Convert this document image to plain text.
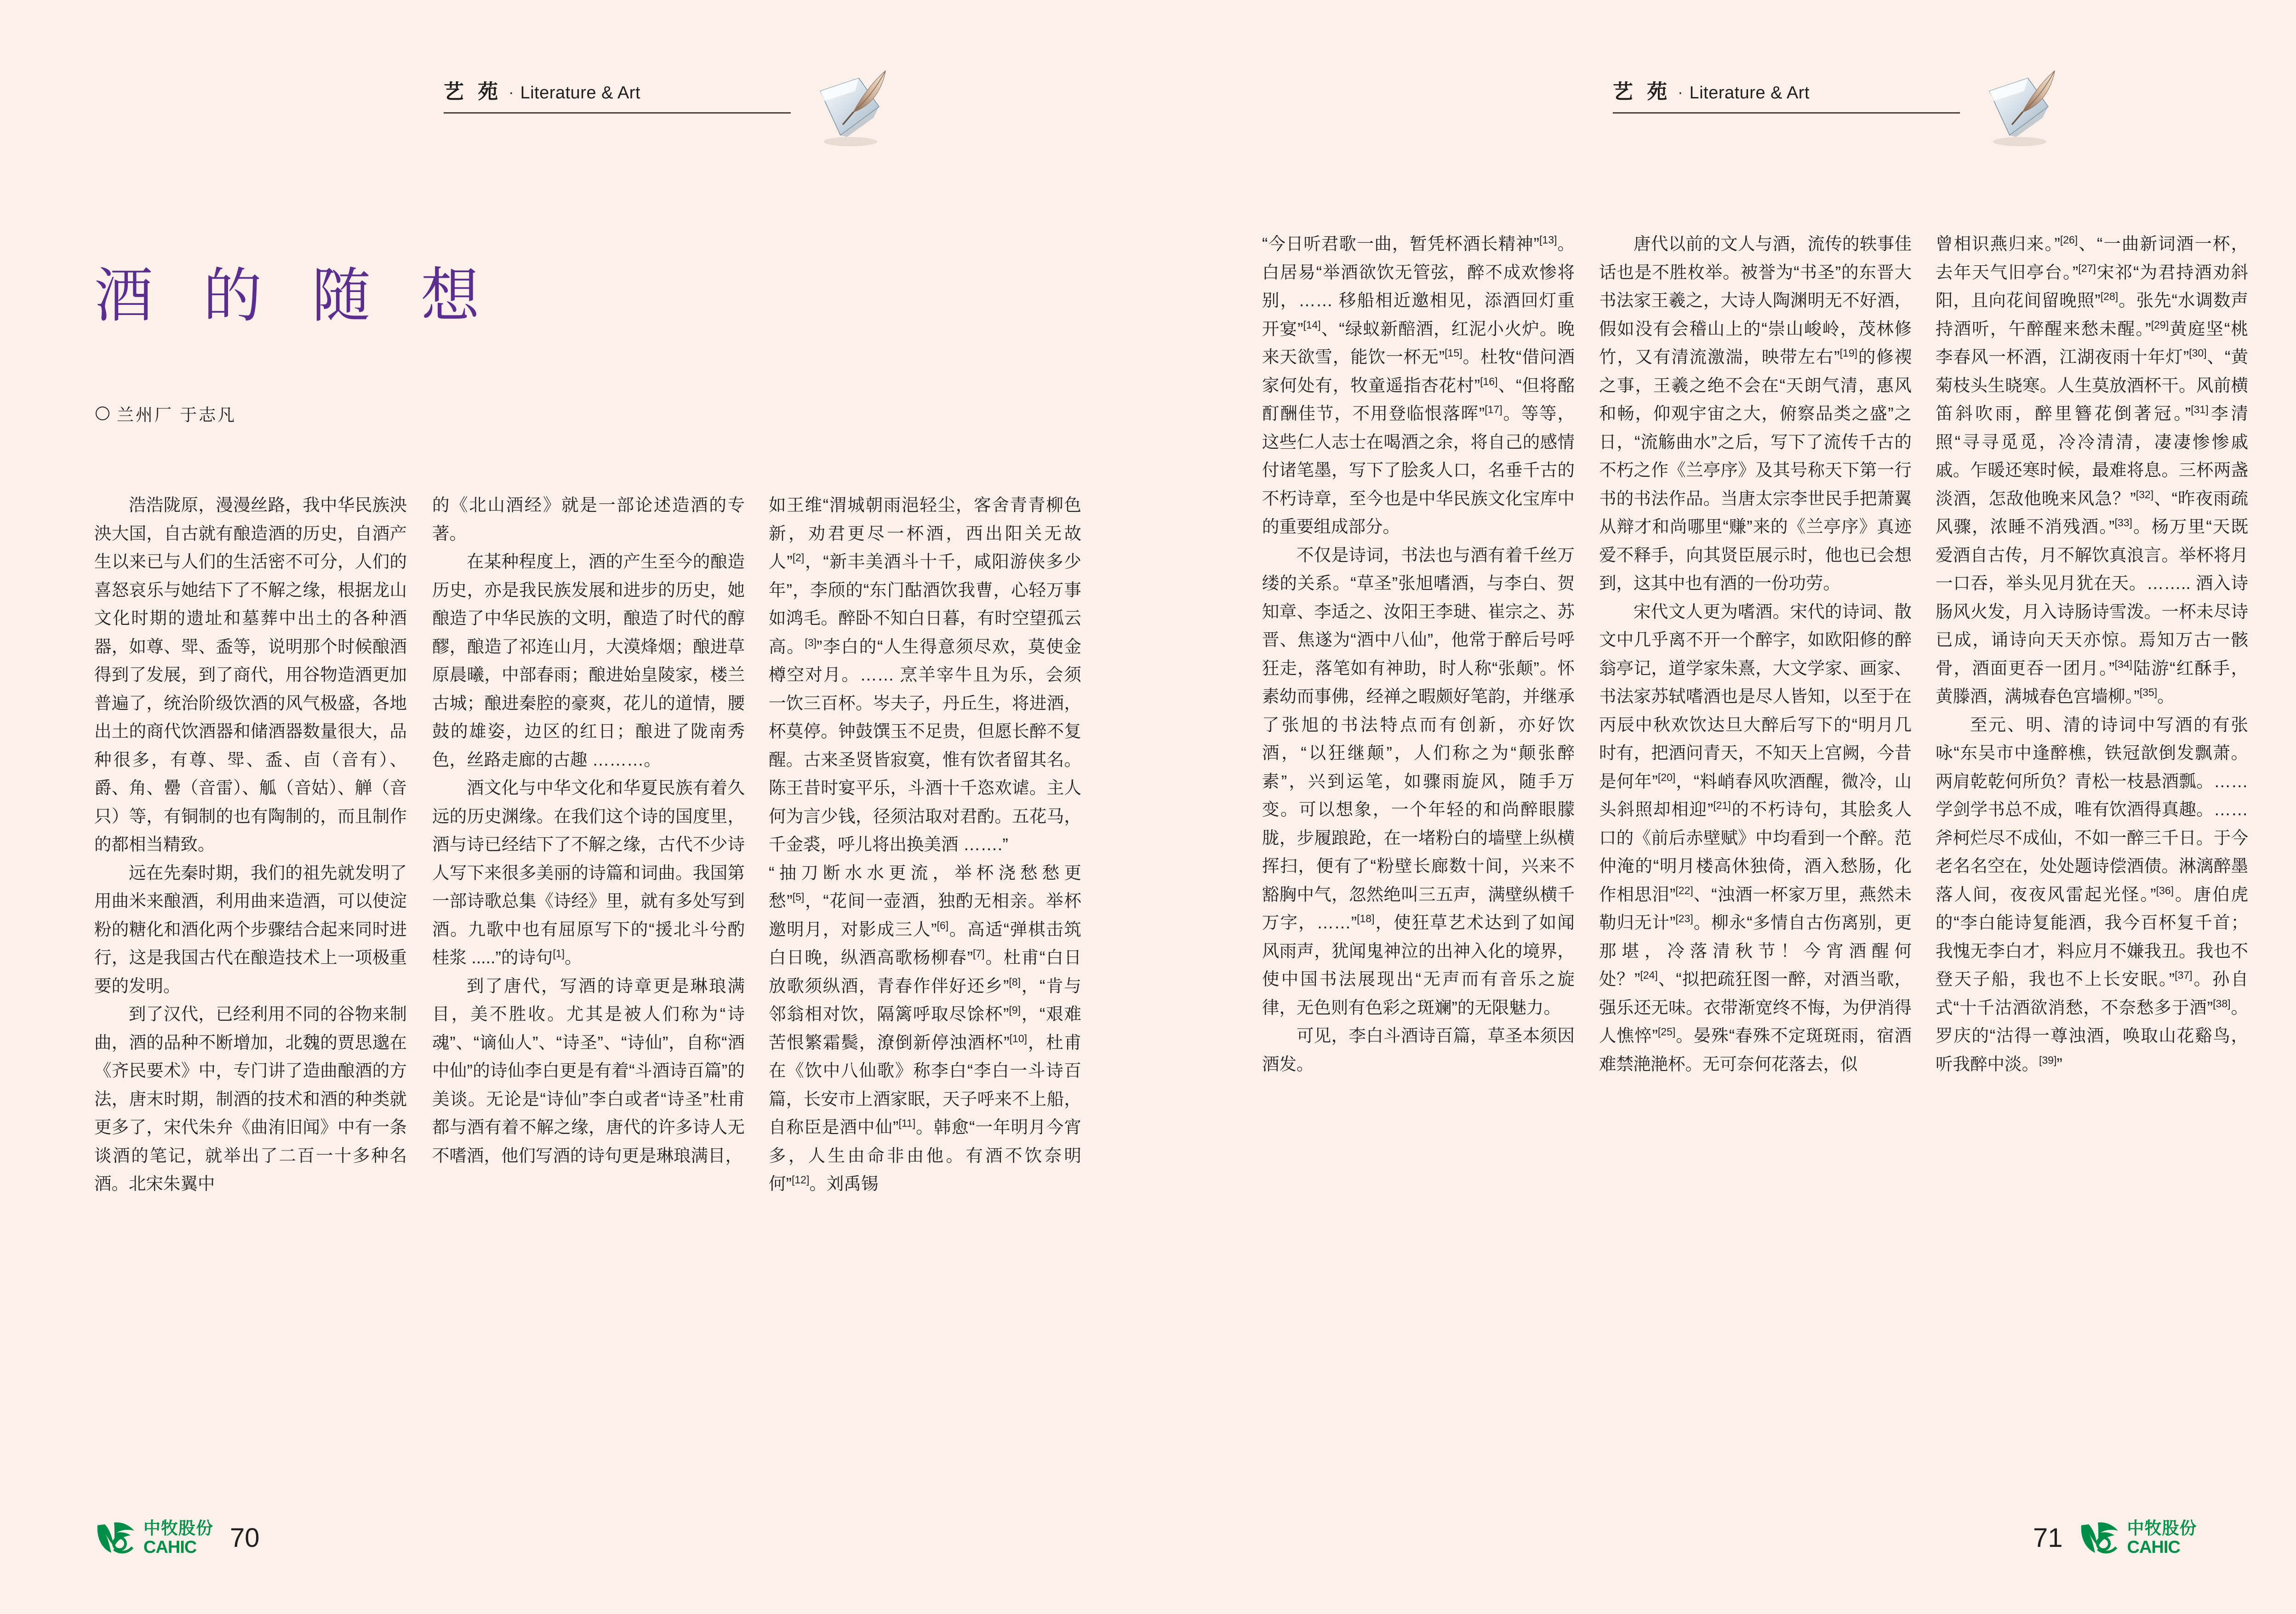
艺 苑 · Literature & Art
酒 的 随 想
兰州厂 于志凡

浩浩陇原，漫漫丝路，我中华民族泱泱大国，自古就有酿造酒的历史，自酒产生以来已与人们的生活密不可分，人们的喜怒哀乐与她结下了不解之缘，根据龙山文化时期的遗址和墓葬中出土的各种酒器，如尊、斝、盉等，说明那个时候酿酒得到了发展，到了商代，用谷物造酒更加普遍了，统治阶级饮酒的风气极盛，各地出土的商代饮酒器和储酒器数量很大，品种很多，有尊、斝、盉、卣（音有）、爵、角、罍（音雷）、觚（音姑）、觯（音只）等，有铜制的也有陶制的，而且制作的都相当精致。

远在先秦时期，我们的祖先就发明了用曲米来酿酒，利用曲来造酒，可以使淀粉的糖化和酒化两个步骤结合起来同时进行，这是我国古代在酿造技术上一项极重要的发明。

到了汉代，已经利用不同的谷物来制曲，酒的品种不断增加，北魏的贾思邈在《齐民要术》中，专门讲了造曲酿酒的方法，唐末时期，制酒的技术和酒的种类就更多了，宋代朱弁《曲洧旧闻》中有一条谈酒的笔记，就举出了二百一十多种名酒。北宋朱翼中

的《北山酒经》就是一部论述造酒的专著。

在某种程度上，酒的产生至今的酿造历史，亦是我民族发展和进步的历史，她酿造了中华民族的文明，酿造了时代的醇醪，酿造了祁连山月，大漠烽烟；酿进草原晨曦，中部春雨；酿进始皇陵家，楼兰古城；酿进秦腔的豪爽，花儿的道情，腰鼓的雄姿，边区的红日；酿进了陇南秀色，丝路走廊的古趣 ………。

酒文化与中华文化和华夏民族有着久远的历史渊缘。在我们这个诗的国度里，酒与诗已经结下了不解之缘，古代不少诗人写下来很多美丽的诗篇和词曲。我国第一部诗歌总集《诗经》里，就有多处写到酒。九歌中也有屈原写下的“援北斗兮酌桂浆 .....”的诗句[1]。

到了唐代，写酒的诗章更是琳琅满目，美不胜收。尤其是被人们称为“诗魂”、“谪仙人”、“诗圣”、“诗仙”，自称“酒中仙”的诗仙李白更是有着“斗酒诗百篇”的美谈。无论是“诗仙”李白或者“诗圣”杜甫都与酒有着不解之缘，唐代的许多诗人无不嗜酒，他们写酒的诗句更是琳琅满目，

如王维“渭城朝雨浥轻尘，客舍青青柳色新，劝君更尽一杯酒，西出阳关无故人”[2]，“新丰美酒斗十千，咸阳游侠多少年”，李颀的“东门酤酒饮我曹，心轻万事如鸿毛。醉卧不知白日暮，有时空望孤云高。[3]”李白的“人生得意须尽欢，莫使金樽空对月。…… 烹羊宰牛且为乐，会须一饮三百杯。岑夫子，丹丘生，将进酒，杯莫停。钟鼓馔玉不足贵，但愿长醉不复醒。古来圣贤皆寂寞，惟有饮者留其名。陈王昔时宴平乐，斗酒十千恣欢谑。主人何为言少钱，径须沽取对君酌。五花马，千金裘，呼儿将出换美酒 …….”

“抽刀断水水更流，举杯浇愁愁更愁”[5]，“花间一壶酒，独酌无相亲。举杯邀明月，对影成三人”[6]。高适“弹棋击筑白日晚，纵酒高歌杨柳春”[7]。杜甫“白日放歌须纵酒，青春作伴好还乡”[8]，“肯与邻翁相对饮，隔篱呼取尽馀杯”[9]，“艰难苦恨繁霜鬓，潦倒新停浊酒杯”[10]，杜甫在《饮中八仙歌》称李白“李白一斗诗百篇，长安市上酒家眠，天子呼来不上船，自称臣是酒中仙”[11]。韩愈“一年明月今宵多，人生由命非由他。有酒不饮奈明何”[12]。刘禹锡

中牧股份
CAHIC	70
艺 苑 · Literature & Art

“今日听君歌一曲，暂凭杯酒长精神”[13]。白居易“举酒欲饮无管弦，醉不成欢惨将别，…… 移船相近邀相见，添酒回灯重开宴”[14]、“绿蚁新醅酒，红泥小火炉。晚来天欲雪，能饮一杯无”[15]。杜牧“借问酒家何处有，牧童遥指杏花村”[16]、“但将酩酊酬佳节，不用登临恨落晖”[17]。等等，这些仁人志士在喝酒之余，将自己的感情付诸笔墨，写下了脍炙人口，名垂千古的不朽诗章，至今也是中华民族文化宝库中的重要组成部分。

不仅是诗词，书法也与酒有着千丝万缕的关系。“草圣”张旭嗜酒，与李白、贺知章、李适之、汝阳王李琎、崔宗之、苏晋、焦遂为“酒中八仙”，他常于醉后号呼狂走，落笔如有神助，时人称“张颠”。怀素幼而事佛，经禅之暇颇好笔韵，并继承了张旭的书法特点而有创新，亦好饮酒，“以狂继颠”，人们称之为“颠张醉素”，兴到运笔，如骤雨旋风，随手万变。可以想象，一个年轻的和尚醉眼朦胧，步履踉跄，在一堵粉白的墙壁上纵横挥扫，便有了“粉壁长廊数十间，兴来不豁胸中气，忽然绝叫三五声，满壁纵横千万字，……”[18]，使狂草艺术达到了如闻风雨声，犹闻鬼神泣的出神入化的境界，使中国书法展现出“无声而有音乐之旋律，无色则有色彩之斑斓”的无限魅力。

可见，李白斗酒诗百篇，草圣本须因酒发。

唐代以前的文人与酒，流传的轶事佳话也是不胜枚举。被誉为“书圣”的东晋大书法家王羲之，大诗人陶渊明无不好酒，假如没有会稽山上的“崇山峻岭，茂林修竹，又有清流激湍，映带左右”[19]的修禊之事，王羲之绝不会在“天朗气清，惠风和畅，仰观宇宙之大，俯察品类之盛”之日，“流觞曲水”之后，写下了流传千古的不朽之作《兰亭序》及其号称天下第一行书的书法作品。当唐太宗李世民手把萧翼从辩才和尚哪里“赚”来的《兰亭序》真迹爱不释手，向其贤臣展示时，他也已会想到，这其中也有酒的一份功劳。

宋代文人更为嗜酒。宋代的诗词、散文中几乎离不开一个醉字，如欧阳修的醉翁亭记，道学家朱熹，大文学家、画家、书法家苏轼嗜酒也是尽人皆知，以至于在丙辰中秋欢饮达旦大醉后写下的“明月几时有，把酒问青天，不知天上宫阙，今昔是何年”[20]，“料峭春风吹酒醒，微冷，山头斜照却相迎”[21]的不朽诗句，其脍炙人口的《前后赤壁赋》中均看到一个醉。范仲淹的“明月楼高休独倚，酒入愁肠，化作相思泪”[22]、“浊酒一杯家万里，燕然未勒归无计”[23]。柳永“多情自古伤离别，更那堪，冷落清秋节！今宵酒醒何处？”[24]、“拟把疏狂图一醉，对酒当歌，强乐还无味。衣带渐宽终不悔，为伊消得人憔悴”[25]。晏殊“春殊不定斑斑雨，宿酒难禁滟滟杯。无可奈何花落去，似

曾相识燕归来。”[26]、“一曲新词酒一杯，去年天气旧亭台。”[27]宋祁“为君持酒劝斜阳，且向花间留晚照”[28]。张先“水调数声持酒听，午醉醒来愁未醒。”[29]黄庭坚“桃李春风一杯酒，江湖夜雨十年灯”[30]、“黄菊枝头生晓寒。人生莫放酒杯干。风前横笛斜吹雨，醉里簪花倒著冠。”[31]李清照“寻寻觅觅，冷冷清清，凄凄惨惨戚戚。乍暖还寒时候，最难将息。三杯两盏淡酒，怎敌他晚来风急？”[32]、“昨夜雨疏风骤，浓睡不消残酒。”[33]。杨万里“天既爱酒自古传，月不解饮真浪言。举杯将月一口吞，举头见月犹在天。…….. 酒入诗肠风火发，月入诗肠诗雪泼。一杯未尽诗已成，诵诗向天天亦惊。焉知万古一骸骨，酒面更吞一团月。”[34]陆游“红酥手，黄滕酒，满城春色宫墙柳。”[35]。

至元、明、清的诗词中写酒的有张咏“东吴市中逢醉樵，铁冠歆倒发飘萧。两肩乾乾何所负？青松一枝悬酒瓢。…… 学剑学书总不成，唯有饮酒得真趣。…… 斧柯烂尽不成仙，不如一醉三千日。于今老名名空在，处处题诗偿酒债。淋漓醉墨落人间，夜夜风雷起光怪。”[36]。唐伯虎的“李白能诗复能酒，我今百杯复千首；我愧无李白才，料应月不嫌我丑。我也不登天子船，我也不上长安眠。”[37]。孙自式“十千沽酒欲消愁，不奈愁多于酒”[38]。罗庆的“沽得一尊浊酒，唤取山花谿鸟，听我醉中淡。[39]”

71	中牧股份
CAHIC
